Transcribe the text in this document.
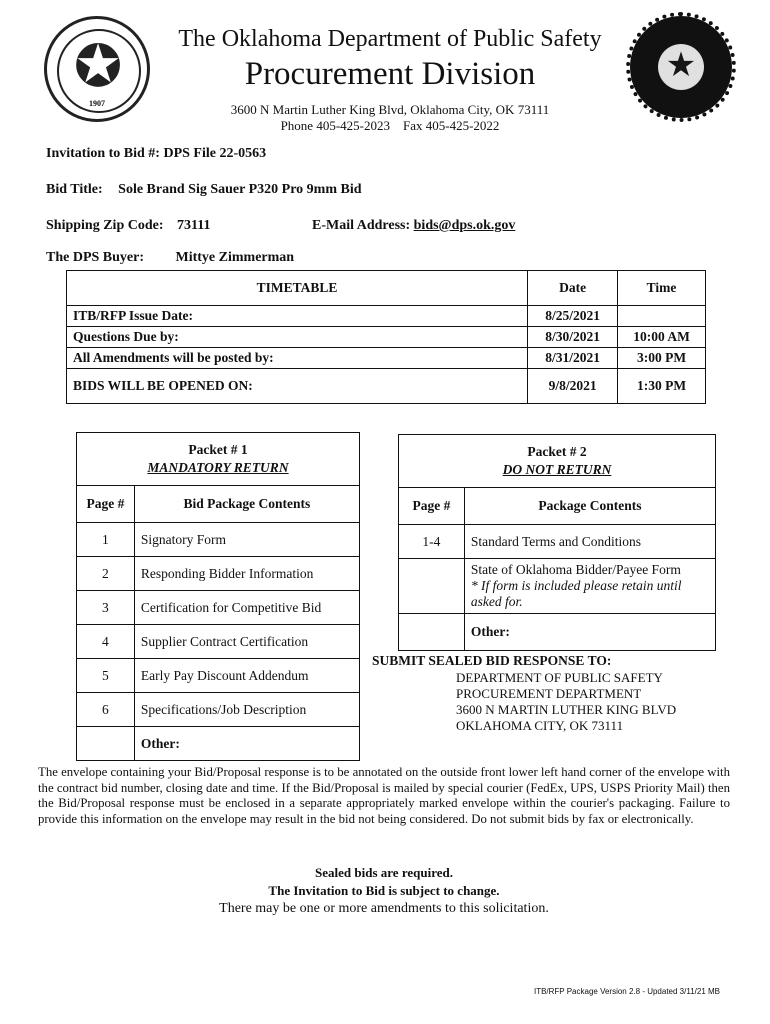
✪
1907
★
The Oklahoma Department of Public Safety
Procurement Division
3600 N Martin Luther King Blvd, Oklahoma City, OK 73111
Phone 405-425-2023    Fax 405-425-2022
Invitation to Bid #: DPS File 22-0563
Bid Title: Sole Brand Sig Sauer P320 Pro 9mm Bid
Shipping Zip Code: 73111	E-Mail Address: bids@dps.ok.gov
The DPS Buyer: Mittye Zimmerman
TIMETABLE	Date	Time
ITB/RFP Issue Date:	8/25/2021	
Questions Due by:	8/30/2021	10:00 AM
All Amendments will be posted by:	8/31/2021	3:00 PM
BIDS WILL BE OPENED ON:	9/8/2021	1:30 PM
Packet # 1
MANDATORY RETURN	

Page #	Bid Package Contents
1	Signatory Form
2	Responding Bidder Information
3	Certification for Competitive Bid
4	Supplier Contract Certification
5	Early Pay Discount Addendum
6	Specifications/Job Description
	Other:
Packet # 2
DO NOT RETURN	

Page #	Package Contents
1-4	Standard Terms and Conditions

	State of Oklahoma Bidder/Payee Form
* If form is included please retain until asked for.

	Other:
SUBMIT SEALED BID RESPONSE TO:
DEPARTMENT OF PUBLIC SAFETY
PROCUREMENT DEPARTMENT
3600 N MARTIN LUTHER KING BLVD
OKLAHOMA CITY, OK 73111
The envelope containing your Bid/Proposal response is to be annotated on the outside front lower left hand corner of the envelope with the contract bid number, closing date and time. If the Bid/Proposal is mailed by special courier (FedEx, UPS, USPS Priority Mail) then the Bid/Proposal response must be enclosed in a separate appropriately marked envelope within the courier's packaging. Failure to provide this information on the envelope may result in the bid not being considered. Do not submit bids by fax or electronically.
Sealed bids are required.
The Invitation to Bid is subject to change.
There may be one or more amendments to this solicitation.
ITB/RFP Package Version 2.8 - Updated 3/11/21 MB
